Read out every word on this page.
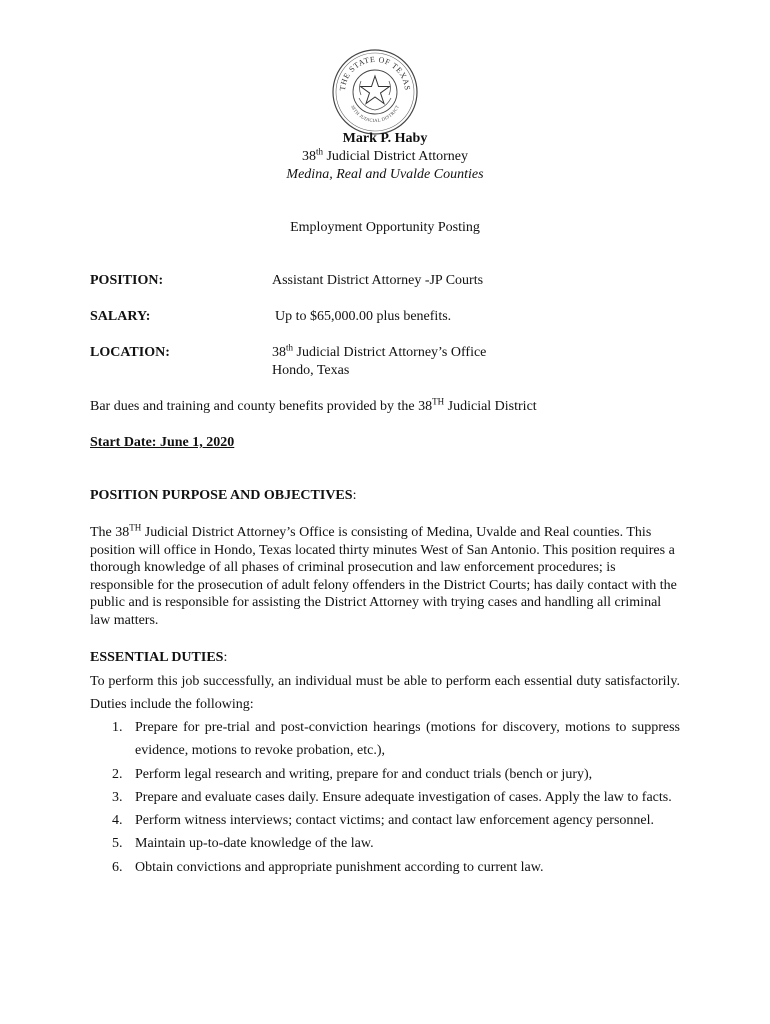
THE STATE OF TEXAS
38TH JUDICIAL DISTRICT
Mark P. Haby
38th Judicial District Attorney
Medina, Real and Uvalde Counties
Employment Opportunity Posting
POSITION:	Assistant District Attorney -JP Courts
SALARY:	Up to $65,000.00 plus benefits.
LOCATION:	38th Judicial District Attorney’s Office
Hondo, Texas
Bar dues and training and county benefits provided by the 38TH Judicial District
Start Date: June 1, 2020
POSITION PURPOSE AND OBJECTIVES:
The 38TH Judicial District Attorney’s Office is consisting of Medina, Uvalde and Real counties. This position will office in Hondo, Texas located thirty minutes West of San Antonio. This position requires a thorough knowledge of all phases of criminal prosecution and law enforcement procedures; is responsible for the prosecution of adult felony offenders in the District Courts; has daily contact with the public and is responsible for assisting the District Attorney with trying cases and handling all criminal law matters.
ESSENTIAL DUTIES:
To perform this job successfully, an individual must be able to perform each essential duty satisfactorily. Duties include the following:
1. Prepare for pre-trial and post-conviction hearings (motions for discovery, motions to suppress evidence, motions to revoke probation, etc.),
2. Perform legal research and writing, prepare for and conduct trials (bench or jury),
3. Prepare and evaluate cases daily. Ensure adequate investigation of cases. Apply the law to facts.
4. Perform witness interviews; contact victims; and contact law enforcement agency personnel.
5. Maintain up-to-date knowledge of the law.
6. Obtain convictions and appropriate punishment according to current law.
